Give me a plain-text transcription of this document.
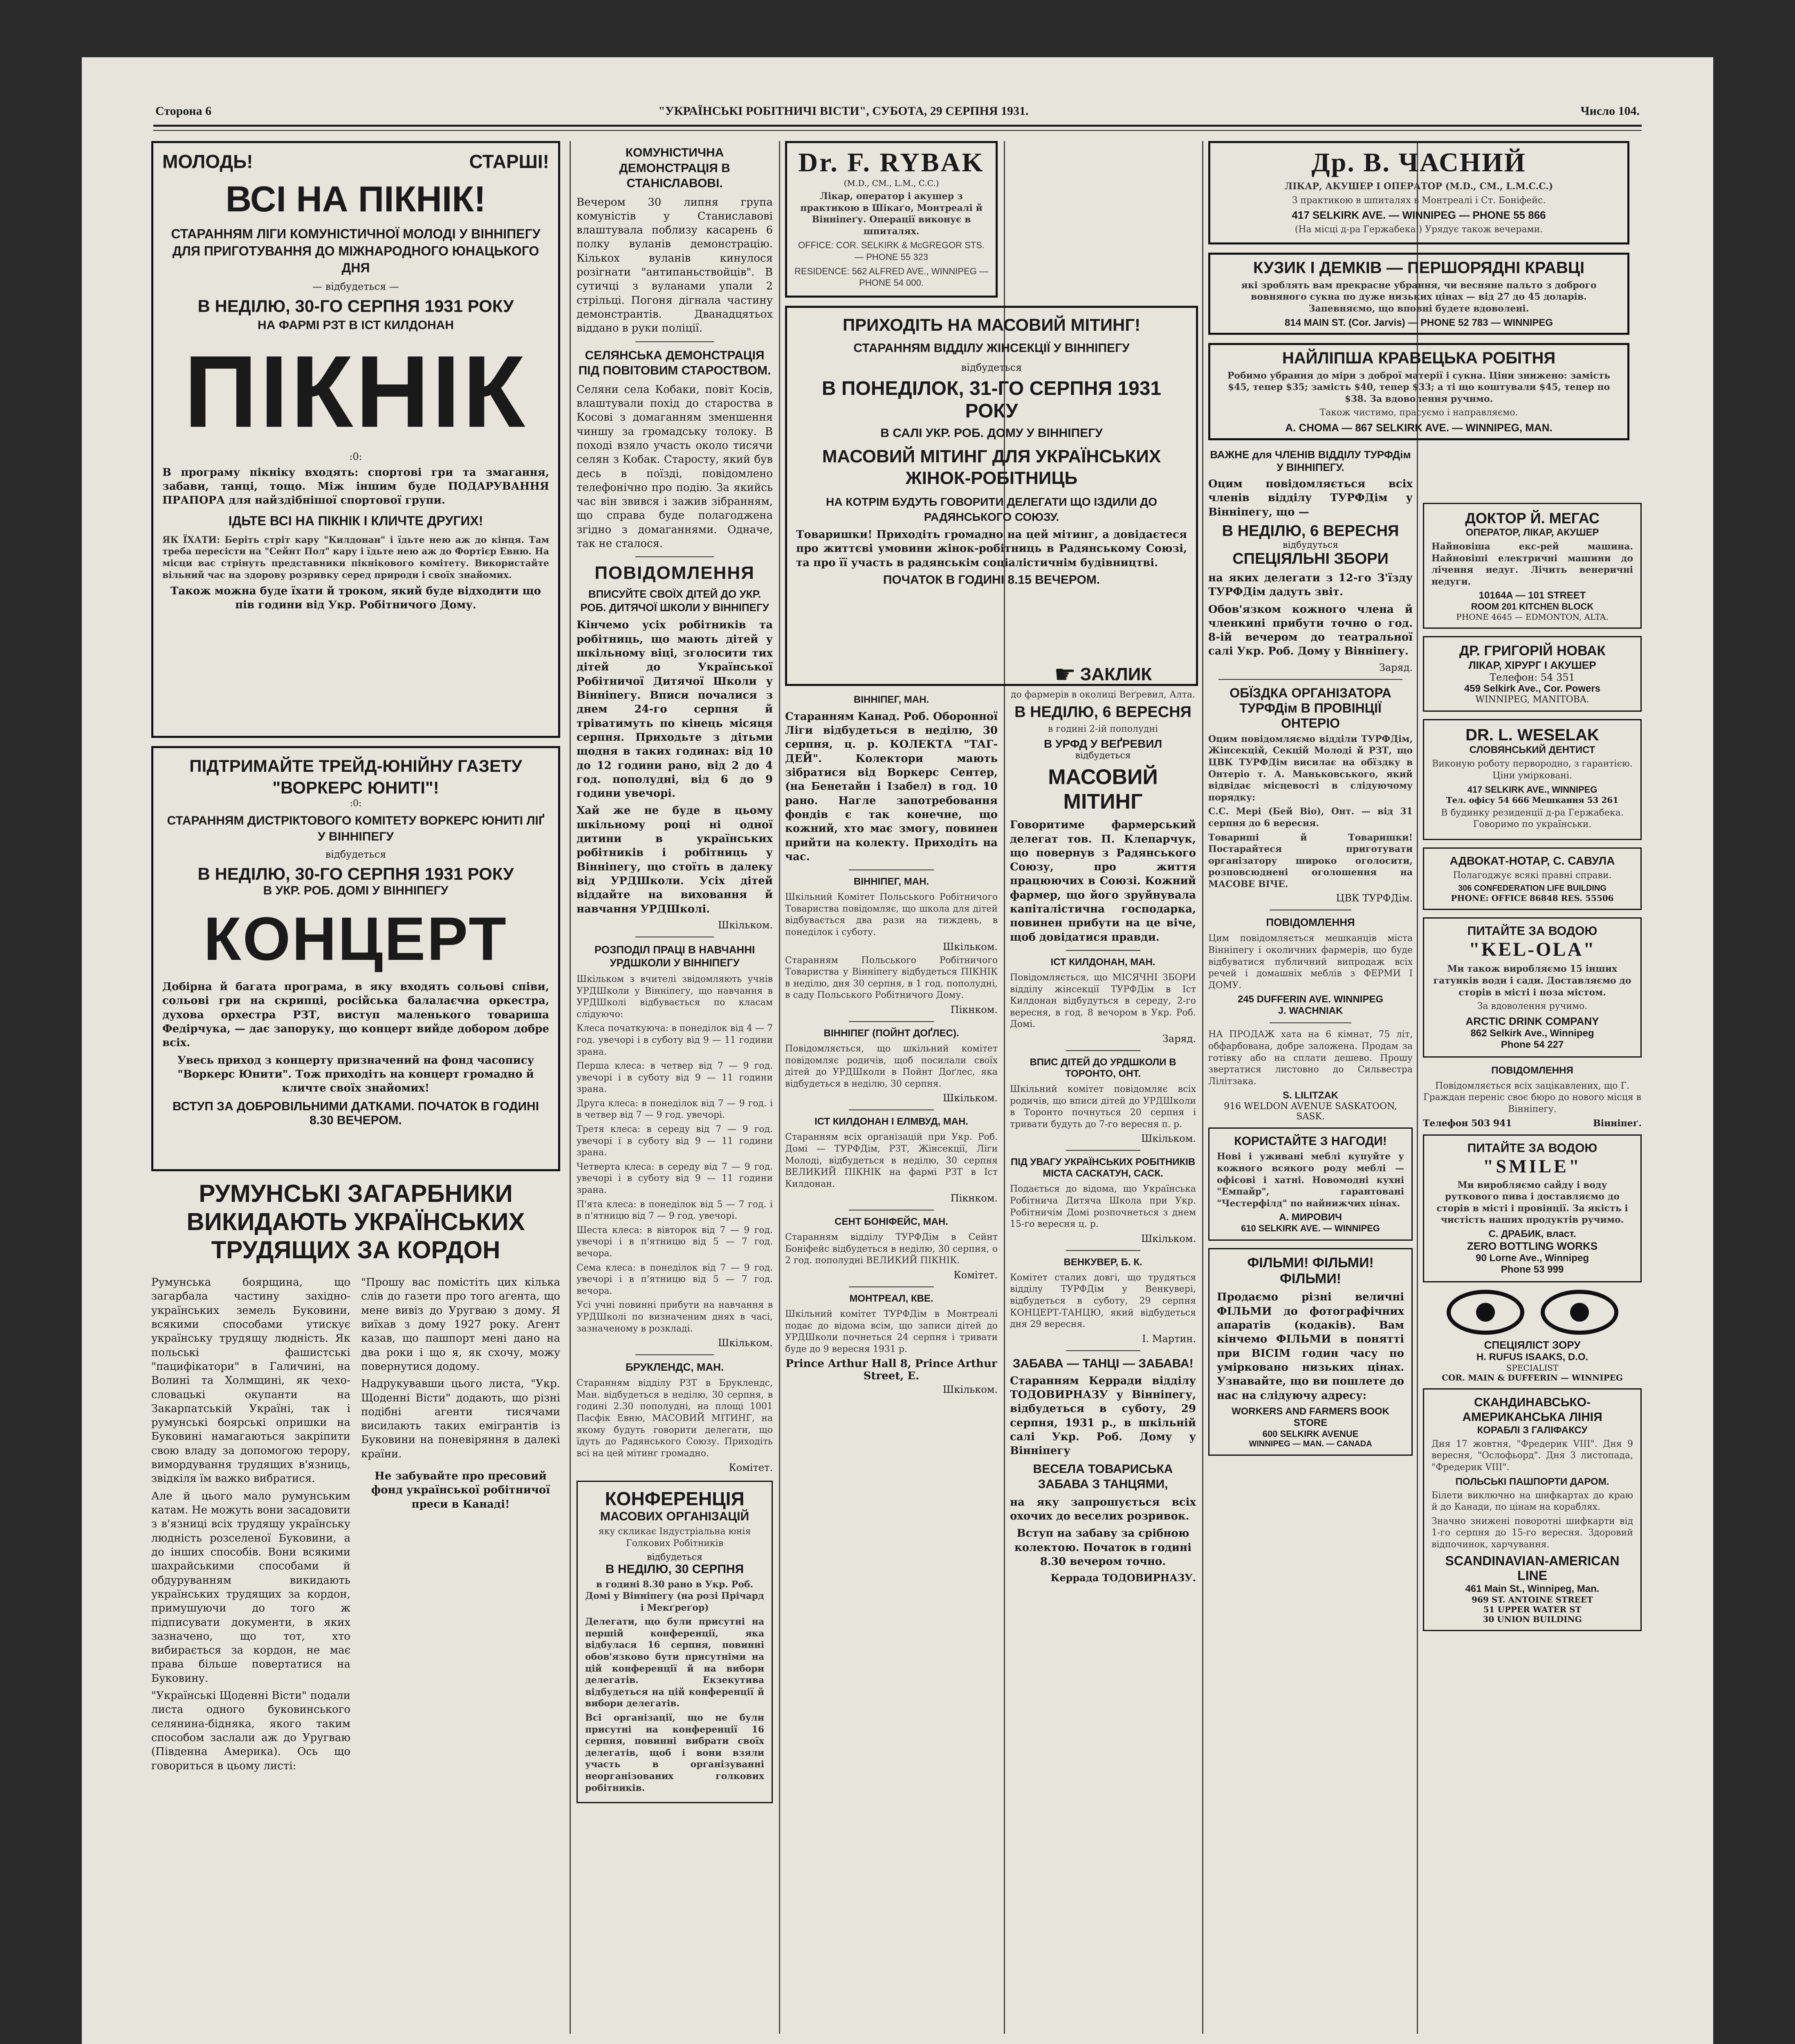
Сторона 6	"УКРАЇНСЬКІ РОБІТНИЧІ ВІСТИ", СУБОТА, 29 СЕРПНЯ 1931.	Число 104.
МОЛОДЬ!	СТАРШІ!
ВСІ НА ПІКНІК!
СТАРАННЯМ ЛІГИ КОМУНІСТИЧНОЇ МОЛОДІ У ВІННІПЕГУ ДЛЯ ПРИГОТУВАННЯ ДО МІЖНАРОДНОГО ЮНАЦЬКОГО ДНЯ
— відбудеться —
В НЕДІЛЮ, 30-ГО СЕРПНЯ 1931 РОКУ
НА ФАРМІ РЗТ В ІСТ КИЛДОНАН
ПІКНІК
:0:
В програму пікніку входять: спортові гри та змагання, забави, танці, тощо. Між іншим буде ПОДАРУВАННЯ ПРАПОРА для найздібнішої спортової групи.
ІДЬТЕ ВСІ НА ПІКНІК І КЛИЧТЕ ДРУГИХ!
ЯК ЇХАТИ: Беріть стріт кару "Килдонан" і їдьте нею аж до кінця. Там треба пересісти на "Сейнт Пол" кару і їдьте нею аж до Фортієр Евню. На місци вас стрінуть представники пікнікового комітету. Використайте вільний час на здорову розривку серед природи і своїх знайомих.
Також можна буде їхати й троком, який буде відходити що пів години від Укр. Робітничого Дому.
ПІДТРИМАЙТЕ ТРЕЙД-ЮНІЙНУ ГАЗЕТУ "ВОРКЕРС ЮНИТІ"!
:0:
СТАРАННЯМ ДИСТРІКТОВОГО КОМІТЕТУ ВОРКЕРС ЮНИТІ ЛІҐ У ВІННІПЕГУ
відбудеться
В НЕДІЛЮ, 30-ГО СЕРПНЯ 1931 РОКУ
В УКР. РОБ. ДОМІ У ВІННІПЕГУ
КОНЦЕРТ
Добірна й багата програма, в яку входять сольові співи, сольові гри на скрипці, російська балалаєчна оркестра, духова орхестра РЗТ, виступ маленького товариша Федірчука, — дає запоруку, що концерт вийде добором добре всіх.
Увесь приход з концерту призначений на фонд часопису "Воркерс Юнити". Тож приходіть на концерт громадно й кличте своїх знайомих!
ВСТУП ЗА ДОБРОВІЛЬНИМИ ДАТКАМИ. ПОЧАТОК В ГОДИНІ 8.30 ВЕЧЕРОМ.
РУМУНСЬКІ ЗАГАРБНИКИ ВИКИДАЮТЬ УКРАЇНСЬКИХ ТРУДЯЩИХ ЗА КОРДОН
Румунська боярщина, що загарбала частину західно-українських земель Буковини, всякими способами утискує українську трудящу людність. Як польські фашистські "пацифікатори" в Галичині, на Волині та Холмщині, як чехо-словацькі окупанти на Закарпатській Україні, так і румунські боярські опришки на Буковині намагаються закріпити свою владу за допомогою терору, вимордування трудящих в'язниць, звідкіля їм важко вибратися.
Але й цього мало румунським катам. Не можуть вони засадовити з в'язниці всіх трудящу українську людність розселеної Буковини, а до інших способів. Вони всякими шахрайськими способами й обдуруванням викидають українських трудящих за кордон, примушуючи до того ж підписувати документи, в яких зазначено, що тот, хто вибирається за кордон, не має права більше повертатися на Буковину.
"Українські Щоденні Вісти" подали листа одного буковинського селянина-бідняка, якого таким способом заслали аж до Уругваю (Південна Америка). Ось що говориться в цьому листі:
"Прошу вас помістіть цих кілька слів до газети про того агента, що мене вивіз до Уругваю з дому. Я виїхав з дому 1927 року. Агент казав, що пашпорт мені дано на два роки і що я, як схочу, можу повернутися додому.
Надрукувавши цього листа, "Укр. Щоденні Вісти" додають, що різні подібні агенти тисячами висилають таких емігрантів із Буковини на поневіряння в далекі країни.
Не забувайте про пресовий фонд української робітничої преси в Канаді!
КОМУНІСТИЧНА ДЕМОНСТРАЦІЯ В СТАНІСЛАВОВІ.
Вечером 30 липня група комуністів у Станиславові влаштувала поблизу касарень 6 полку вуланів демонстрацію. Кількох вуланів кинулося розігнати "антипаньствойців". В сутичці з вуланами упали 2 стрільці. Погоня дігнала частину демонстрантів. Дванадцятьох віддано в руки поліції.
СЕЛЯНСЬКА ДЕМОНСТРАЦІЯ ПІД ПОВІТОВИМ СТАРОСТВОМ.
Селяни села Кобаки, повіт Косів, влаштували похід до староства в Косові з домаганням зменшення чиншу за громадську толоку. В поході взяло участь около тисячи селян з Кобак. Старосту, який був десь в поїзді, повідомлено телефонічно про подію. За якийсь час він звився і зажив зібранням, що справа буде полагоджена згідно з домаганнями. Одначе, так не сталося.
ПОВІДОМЛЕННЯ
ВПИСУЙТЕ СВОЇХ ДІТЕЙ ДО УКР. РОБ. ДИТЯЧОЇ ШКОЛИ У ВІННІПЕГУ
Кінчемо усіх робітників та робітниць, що мають дітей у шкільному віці, зголосити тих дітей до Української Робітничої Дитячої Школи у Вінніпегу. Вписи почалися з днем 24-го серпня й тріватимуть по кінець місяця серпня. Приходьте з дітьми щодня в таких годинах: від 10 до 12 години рано, від 2 до 4 год. пополудні, від 6 до 9 години увечорі.
Хай же не буде в цьому шкільному році ні одної дитини в українських робітників і робітниць у Вінніпегу, що стоїть в далеку від УРДШколи. Усіх дітей віддайте на виховання й навчання УРДШколі.
Шкільком.
РОЗПОДІЛ ПРАЦІ В НАВЧАННІ УРДШКОЛИ У ВІННІПЕГУ
Шкільком з вчителі звідомляють учнів УРДШколи у Вінніпегу, що навчання в УРДШколі відбувається по класам слідуючо:
Клеса початкуюча: в понеділок від 4 — 7 год. увечорі і в суботу від 9 — 11 години зрана.
Перша клеса: в четвер від 7 — 9 год. увечорі і в суботу від 9 — 11 години зрана.
Друга клеса: в понеділок від 7 — 9 год. і в четвер від 7 — 9 год. увечорі.
Третя клеса: в середу від 7 — 9 год. увечорі і в суботу від 9 — 11 години зрана.
Четверта клеса: в середу від 7 — 9 год. увечорі і в суботу від 9 — 11 години зрана.
П'ята клеса: в понеділок від 5 — 7 год. і в п'ятницю від 7 — 9 год. увечорі.
Шеста клеса: в вівторок від 7 — 9 год. увечорі і в п'ятницю від 5 — 7 год. вечора.
Сема клеса: в понеділок від 7 — 9 год. увечорі і в п'ятницю від 5 — 7 год. вечора.
Усі учні повинні прибути на навчання в УРДШколі по визначеним днях в часі, зазначеному в розкладі.
Шкільком.
БРУКЛЕНДС, МАН.
Старанням відділу РЗТ в Бруклендс, Ман. відбудеться в неділю, 30 серпня, в годині 2.30 пополудні, на площі 1001 Пасфік Евню, МАСОВИЙ МІТИНГ, на якому будуть говорити делегати, що їдуть до Радянського Союзу. Приходіть всі на цей мітинг громадно.
Комітет.
КОНФЕРЕНЦІЯ
МАСОВИХ ОРГАНІЗАЦІЙ
яку скликає Індустріальна юнія Голкових Робітників
відбудеться
В НЕДІЛЮ, 30 СЕРПНЯ
в годині 8.30 рано в Укр. Роб. Домі у Вінніпегу (на розі Прічард і Мекґреґор)
Делегати, що були присутні на першій конференції, яка відбулася 16 серпня, повинні обов'язково бути присутніми на цій конференції й на вибори делегатів. Екзекутива відбудеться на цій конференції й вибори делегатів.
Всі організації, що не були присутні на конференції 16 серпня, повинні вибрати своїх делегатів, щоб і вони взяли участь в організуванні неорганізованих голкових робітників.
Dr. F. RYBAK
(M.D., CM., L.M., C.C.)
Лікар, оператор і акушер з практикою в Шікаґо, Монтреалі й Вінніпеґу. Операції виконує в шпиталях.
OFFICE: COR. SELKIRK & McGREGOR STS. — PHONE 55 323
RESIDENCE: 562 ALFRED AVE., WINNIPEG — PHONE 54 000.
ПРИХОДІТЬ НА МАСОВИЙ МІТИНГ!
СТАРАННЯМ ВІДДІЛУ ЖІНСЕКЦІЇ У ВІННІПЕГУ
відбудеться
В ПОНЕДІЛОК, 31-ГО СЕРПНЯ 1931 РОКУ
В САЛІ УКР. РОБ. ДОМУ У ВІННІПЕГУ
МАСОВИЙ МІТИНГ ДЛЯ УКРАЇНСЬКИХ ЖІНОК-РОБІТНИЦЬ
НА КОТРІМ БУДУТЬ ГОВОРИТИ ДЕЛЕГАТИ ЩО ІЗДИЛИ ДО РАДЯНСЬКОГО СОЮЗУ.
Товаришки! Приходіть громадно на цей мітинг, а довідаєтеся про життєві умовини жінок-робітниць в Радянському Союзі, та про її участь в радянськім соціалістичнім будівництві.
ПОЧАТОК В ГОДИНІ 8.15 ВЕЧЕРОМ.
ВІННІПЕГ, МАН.
Старанням Канад. Роб. Оборонної Ліги відбудеться в неділю, 30 серпня, ц. р. КОЛЕКТА "ТАГ-ДЕЙ". Колектори мають зібратися від Воркерс Сентер, (на Бенетайн і Ізабел) в год. 10 рано. Нагле запотребовання фондів є так конечне, що кожний, хто має змогу, повинен прийти на колекту. Приходіть на час.
ВІННІПЕГ, МАН.
Шкільний Комітет Польського Робітничого Товариства повідомляє, що школа для дітей відбувається два рази на тиждень, в понеділок і суботу.
Шкільком.
Старанням Польського Робітничого Товариства у Вінніпегу відбудеться ПІКНІК в неділю, дня 30 серпня, в 1 год. пополудні, в саду Польського Робітничого Дому.
Пікнком.
ВІННІПЕГ (ПОЙНТ ДОҐЛЕС).
Повідомляється, що шкільний комітет повідомляє родичів, щоб посилали своїх дітей до УРДШколи в Пойнт Доґлес, яка відбудеться в неділю, 30 серпня.
Шкільком.
ІСТ КИЛДОНАН І ЕЛМВУД, МАН.
Старанням всіх організацій при Укр. Роб. Домі — ТУРФДім, РЗТ, Жінсекції, Ліги Молоді, відбудеться в неділю, 30 серпня ВЕЛИКИЙ ПІКНІК на фармі РЗТ в Іст Килдонан.
Пікнком.
СЕНТ БОНІФЕЙС, МАН.
Старанням відділу ТУРФДім в Сейнт Боніфейс відбудеться в неділю, 30 серпня, о 2 год. пополудні ВЕЛИКИЙ ПІКНІК.
Комітет.
МОНТРЕАЛ, КВЕ.
Шкільний комітет ТУРФДім в Монтреалі подає до відома всім, що записи дітей до УРДШколи почнеться 24 серпня і тривати буде до 9 вересня 1931 р.
Prince Arthur Hall 8, Prince Arthur Street, E.
Шкільком.
☛ ЗАКЛИК
до фармерів в околиці Веґревил, Алта.
В НЕДІЛЮ, 6 ВЕРЕСНЯ
в годині 2-ій пополудні
В УРФД У ВЕҐРЕВИЛ
відбудеться
МАСОВИЙ МІТИНГ
Говоритиме фармерський делегат тов. П. Клепарчук, що повернув з Радянського Союзу, про життя працюючих в Союзі. Кожний фармер, що його зруйнувала капіталістична господарка, повинен прибути на це віче, щоб довідатися правди.
ІСТ КИЛДОНАН, МАН.
Повідомляється, що МІСЯЧНІ ЗБОРИ відділу жінсекції ТУРФДім в Іст Килдонан відбудуться в середу, 2-го вересня, в год. 8 вечором в Укр. Роб. Домі.
Заряд.
ВПИС ДІТЕЙ ДО УРДШКОЛИ В ТОРОНТО, ОНТ.
Шкільний комітет повідомляє всіх родичів, що вписи дітей до УРДШколи в Торонто почнуться 20 серпня і тривати будуть до 7-го вересня п. р.
Шкільком.
ПІД УВАГУ УКРАЇНСЬКИХ РОБІТНИКІВ МІСТА САСКАТУН, САСК.
Подається до відома, що Українська Робітнича Дитяча Школа при Укр. Робітничім Домі розпочнеться з днем 15-го вересня ц. р.
Шкільком.
ВЕНКУВЕР, Б. К.
Комітет сталих довгі, що трудяться відділу ТУРФДім у Венкувері, відбудеться в суботу, 29 серпня КОНЦЕРТ-ТАНЦЮ, який відбудеться дня 29 вересня.
І. Мартин.
ЗАБАВА — ТАНЦІ — ЗАБАВА!
Старанням Керради відділу ТОДОВИРНАЗУ у Вінніпегу, відбудеться в суботу, 29 серпня, 1931 р., в шкільній салі Укр. Роб. Дому у Вінніпегу
ВЕСЕЛА ТОВАРИСЬКА ЗАБАВА З ТАНЦЯМИ,
на яку запрошується всіх охочих до веселих розривок.
Вступ на забаву за срібною колектою. Початок в годині 8.30 вечером точно.
Керрада ТОДОВИРНАЗУ.
Др. В. ЧАСНИЙ
ЛІКАР, АКУШЕР І ОПЕРАТОР (M.D., CM., L.M.C.C.)
З практикою в шпиталях в Монтреалі і Ст. Боніфейс.
417 SELKIRK AVE. — WINNIPEG — PHONE 55 866
(На місці д-ра Гержабека.) Урядує також вечерами.
КУЗИК І ДЕМКІВ — ПЕРШОРЯДНІ КРАВЦІ
які зроблять вам прекрасне убрання, чи весняне пальто з доброго вовняного сукна по дуже низьких цінах — від 27 до 45 доларів. Запевняємо, що вповні будете вдоволені.
814 MAIN ST. (Cor. Jarvis) — PHONE 52 783 — WINNIPEG
НАЙЛІПША КРАВЕЦЬКА РОБІТНЯ
Робимо убрання до міри з доброї матерії і сукна. Ціни знижено: замість $45, тепер $35; замість $40, тепер $33; а ті що коштували $45, тепер по $38. За вдоволення ручимо.
Також чистимо, прасуємо і направляємо.
А. CHOMA — 867 SELKIRK AVE. — WINNIPEG, MAN.
ВАЖНЕ для ЧЛЕНІВ ВІДДІЛУ ТУРФДім У ВІННІПЕГУ.
Оцим повідомляється всіх членів відділу ТУРФДім у Вінніпегу, що —
В НЕДІЛЮ, 6 ВЕРЕСНЯ
відбудуться
СПЕЦІЯЛЬНІ ЗБОРИ
на яких делегати з 12-го З'їзду ТУРФДім дадуть звіт.
Обов'язком кожного члена й членкині прибути точно о год. 8-ій вечером до театральної салі Укр. Роб. Дому у Вінніпегу.
Заряд.
ОБЇЗДКА ОРГАНІЗАТОРА ТУРФДім В ПРОВІНЦІЇ ОНТЕРІО
Оцим повідомляємо відділи ТУРФДім, Жінсекцій, Секцій Молоді й РЗТ, що ЦВК ТУРФДім висилає на обїздку в Онтеріо т. А. Маньковського, який відвідає місцевості в слідуючому порядку:
С.С. Мері (Бей Віо), Онт. — від 31 серпня до 6 вересня.
Товариші й Товаришки! Постарайтеся приготувати організатору широко оголосити, розповсюднені оголошення на МАСОВЕ ВІЧЕ.
ЦВК ТУРФДім.
ПОВІДОМЛЕННЯ
Цим повідомляється мешканців міста Вінніпегу і околичних фармерів, що буде відбуватися публичний випродаж всіх речей і домашніх меблів з ФЕРМИ І ДОМУ.
245 DUFFERIN AVE. WINNIPEG
J. WACHNIAK
НА ПРОДАЖ хата на 6 кімнат, 75 літ, обфарбована, добре заложена. Продам за готівку або на сплати дешево. Прошу звертатися листовно до Сильвестра Лілітзака.
S. LILITZAK
916 WELDON AVENUE SASKATOON, SASK.
КОРИСТАЙТЕ З НАГОДИ!
Нові і уживані меблі купуйте у кожного всякого роду меблі — офісові і хатні. Новомодні кухні "Емпайр", гарантовані "Честерфілд" по найнижчих цінах.
А. МИРОВИЧ
610 SELKIRK AVE. — WINNIPEG
ФІЛЬМИ! ФІЛЬМИ! ФІЛЬМИ!
Продаємо різні величні ФІЛЬМИ до фотографічних апаратів (кодаків). Вам кінчемо ФІЛЬМИ в понятті при ВІСІМ годин часу по умірковано низьких цінах. Узнавайте, що ви пошлете до нас на слідуючу адресу:
WORKERS AND FARMERS BOOK STORE
600 SELKIRK AVENUE
WINNIPEG — MAN. — CANADA
ДОКТОР Й. МЕГАС
ОПЕРАТОР, ЛІКАР, АКУШЕР
Найновіша екс-рей машина. Найновіші електричні машини до лічення недуг. Лічить венеричні недуги.
10164A — 101 STREET
ROOM 201 KITCHEN BLOCK
PHONE 4645 — EDMONTON, ALTA.
ДР. ГРИГОРІЙ НОВАК
ЛІКАР, ХІРУРГ І АКУШЕР
Телефон: 54 351
459 Selkirk Ave., Cor. Powers
WINNIPEG, MANITOBA.
DR. L. WESELAK
СЛОВЯНСЬКИЙ ДЕНТИСТ
Виконую роботу первородно, з гарантією. Ціни умірковані.
417 SELKIRK AVE., WINNIPEG
Тел. офісу 54 666 Мешкання 53 261
В будинку резиденції д-ра Гержабека. Говоримо по українськи.
АДВОКАТ-НОТАР, С. САВУЛА
Полагоджує всякі правні справи.
306 CONFEDERATION LIFE BUILDING
PHONE: OFFICE 86848 RES. 55506
ПИТАЙТЕ ЗА ВОДОЮ
"KEL-OLA"
Ми також виробляємо 15 інших гатунків води і сади. Доставляємо до сторів в місті і поза містом.
За вдоволення ручимо.
ARCTIC DRINK COMPANY
862 Selkirk Ave., Winnipeg
Phone 54 227
ПОВІДОМЛЕННЯ
Повідомляється всіх зацікавлених, що Г. Граждан переніс своє бюро до нового місця в Вінніпегу.
Телефон 503 941	Вінніпеґ.
ПИТАЙТЕ ЗА ВОДОЮ
"SMILE"
Ми виробляємо сайду і воду руткового пива і доставляємо до сторів в місті і провінції. За якість і чистість наших продуктів ручимо.
С. ДРАБИК, власт.
ZERO BOTTLING WORKS
90 Lorne Ave., Winnipeg
Phone 53 999
СПЕЦІЯЛІСТ ЗОРУ
H. RUFUS ISAAKS, D.O.
SPECIALIST
COR. MAIN & DUFFERIN — WINNIPEG
СКАНДИНАВСЬКО-АМЕРИКАНСЬКА ЛІНІЯ
КОРАБЛІ З ГАЛІФАКСУ
Дня 17 жовтня, "Фредерик VIII". Дня 9 вересня, "Ослофьорд". Дня 3 листопада, "Фредерик VIII".
ПОЛЬСЬКІ ПАШПОРТИ ДАРОМ.
Білети виключно на шифкартах до краю й до Канади, по цінам на кораблях.
Значно знижені поворотні шифкарти від 1-го серпня до 15-го вересня. Здоровий відпочинок, харчування.
SCANDINAVIAN-AMERICAN LINE
461 Main St., Winnipeg, Man.
969 ST. ANTOINE STREET
51 UPPER WATER ST
30 UNION BUILDING
